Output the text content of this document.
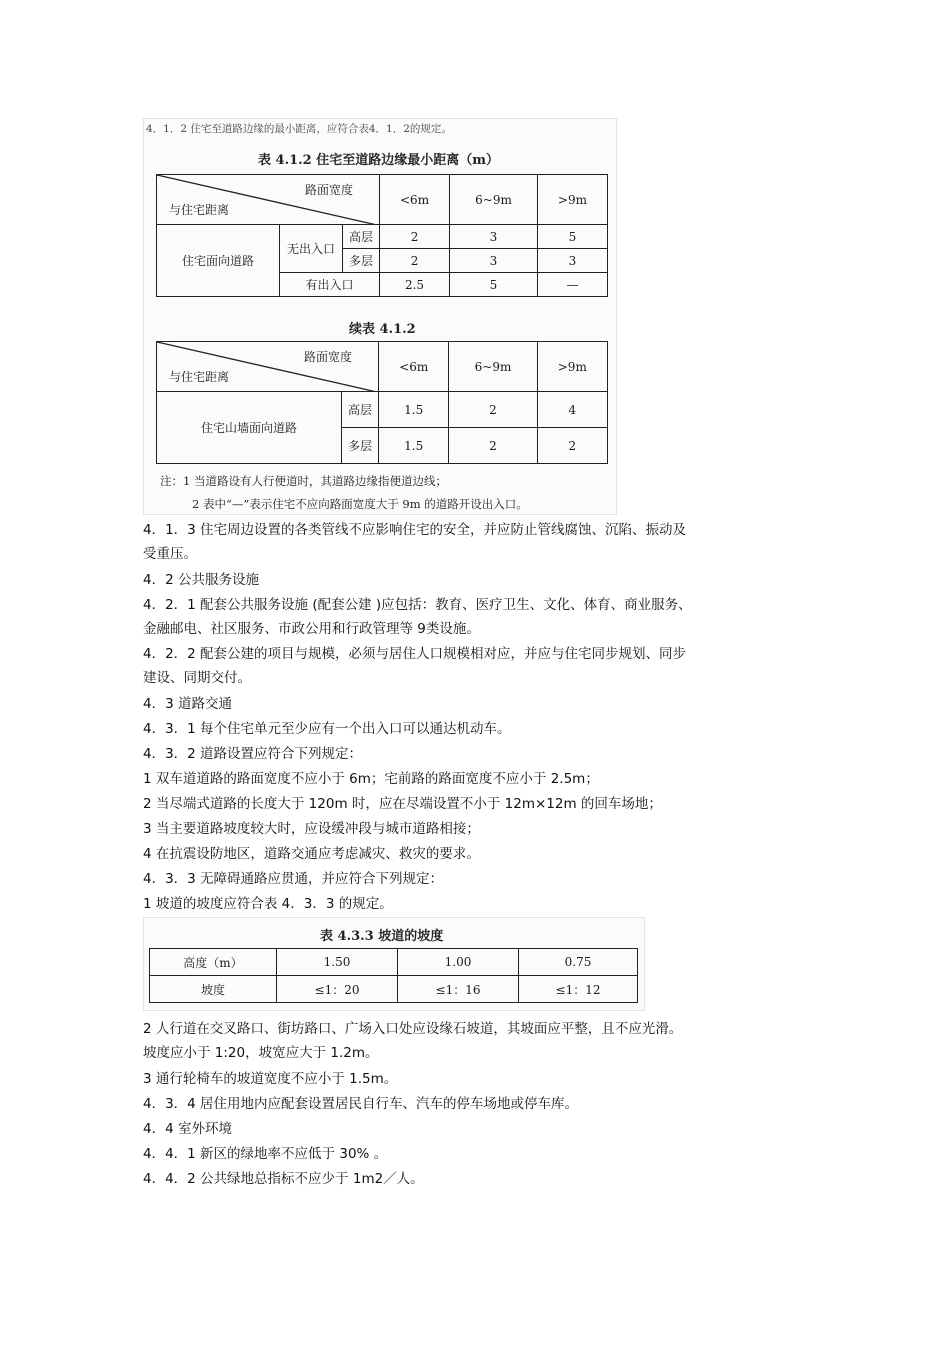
4．1．2 住宅至道路边缘的最小距离，应符合表4．1．2的规定。
表 4.1.2 住宅至道路边缘最小距离（m）
路面宽度
与住宅距离			<6m	6~9m	>9m
住宅面向道路	无出入口	高层	2	3	5
		多层	2	3	3
	有出入口		2.5	5	—
续表 4.1.2
路面宽度
与住宅距离		<6m	6~9m	>9m
住宅山墙面向道路	高层	1.5	2	4
	多层	1.5	2	2
注：1 当道路设有人行便道时，其道路边缘指便道边线；
2 表中“—”表示住宅不应向路面宽度大于 9m 的道路开设出入口。
4．1．3 住宅周边设置的各类管线不应影响住宅的安全，并应防止管线腐蚀、沉陷、振动及
受重压。
4．2 公共服务设施
4．2．1 配套公共服务设施 (配套公建 )应包括：教育、医疗卫生、文化、体育、商业服务、
金融邮电、社区服务、市政公用和行政管理等 9类设施。
4．2．2 配套公建的项目与规模，必须与居住人口规模相对应，并应与住宅同步规划、同步
建设、同期交付。
4．3 道路交通
4．3．1 每个住宅单元至少应有一个出入口可以通达机动车。
4．3．2 道路设置应符合下列规定：
1 双车道道路的路面宽度不应小于 6m；宅前路的路面宽度不应小于 2.5m；
2 当尽端式道路的长度大于 120m 时，应在尽端设置不小于 12m×12m 的回车场地；
3 当主要道路坡度较大时，应设缓冲段与城市道路相接；
4 在抗震设防地区，道路交通应考虑减灾、救灾的要求。
4．3．3 无障碍通路应贯通，并应符合下列规定：
1 坡道的坡度应符合表 4．3．3 的规定。
表 4.3.3 坡道的坡度
高度（m）	1.50	1.00	0.75
坡度	≤1：20	≤1：16	≤1：12
2 人行道在交叉路口、街坊路口、广场入口处应设缘石坡道，其坡面应平整，且不应光滑。
坡度应小于 1:20，坡宽应大于 1.2m。
3 通行轮椅车的坡道宽度不应小于 1.5m。
4．3．4 居住用地内应配套设置居民自行车、汽车的停车场地或停车库。
4．4 室外环境
4．4．1 新区的绿地率不应低于 30% 。
4．4．2 公共绿地总指标不应少于 1m2／人。
